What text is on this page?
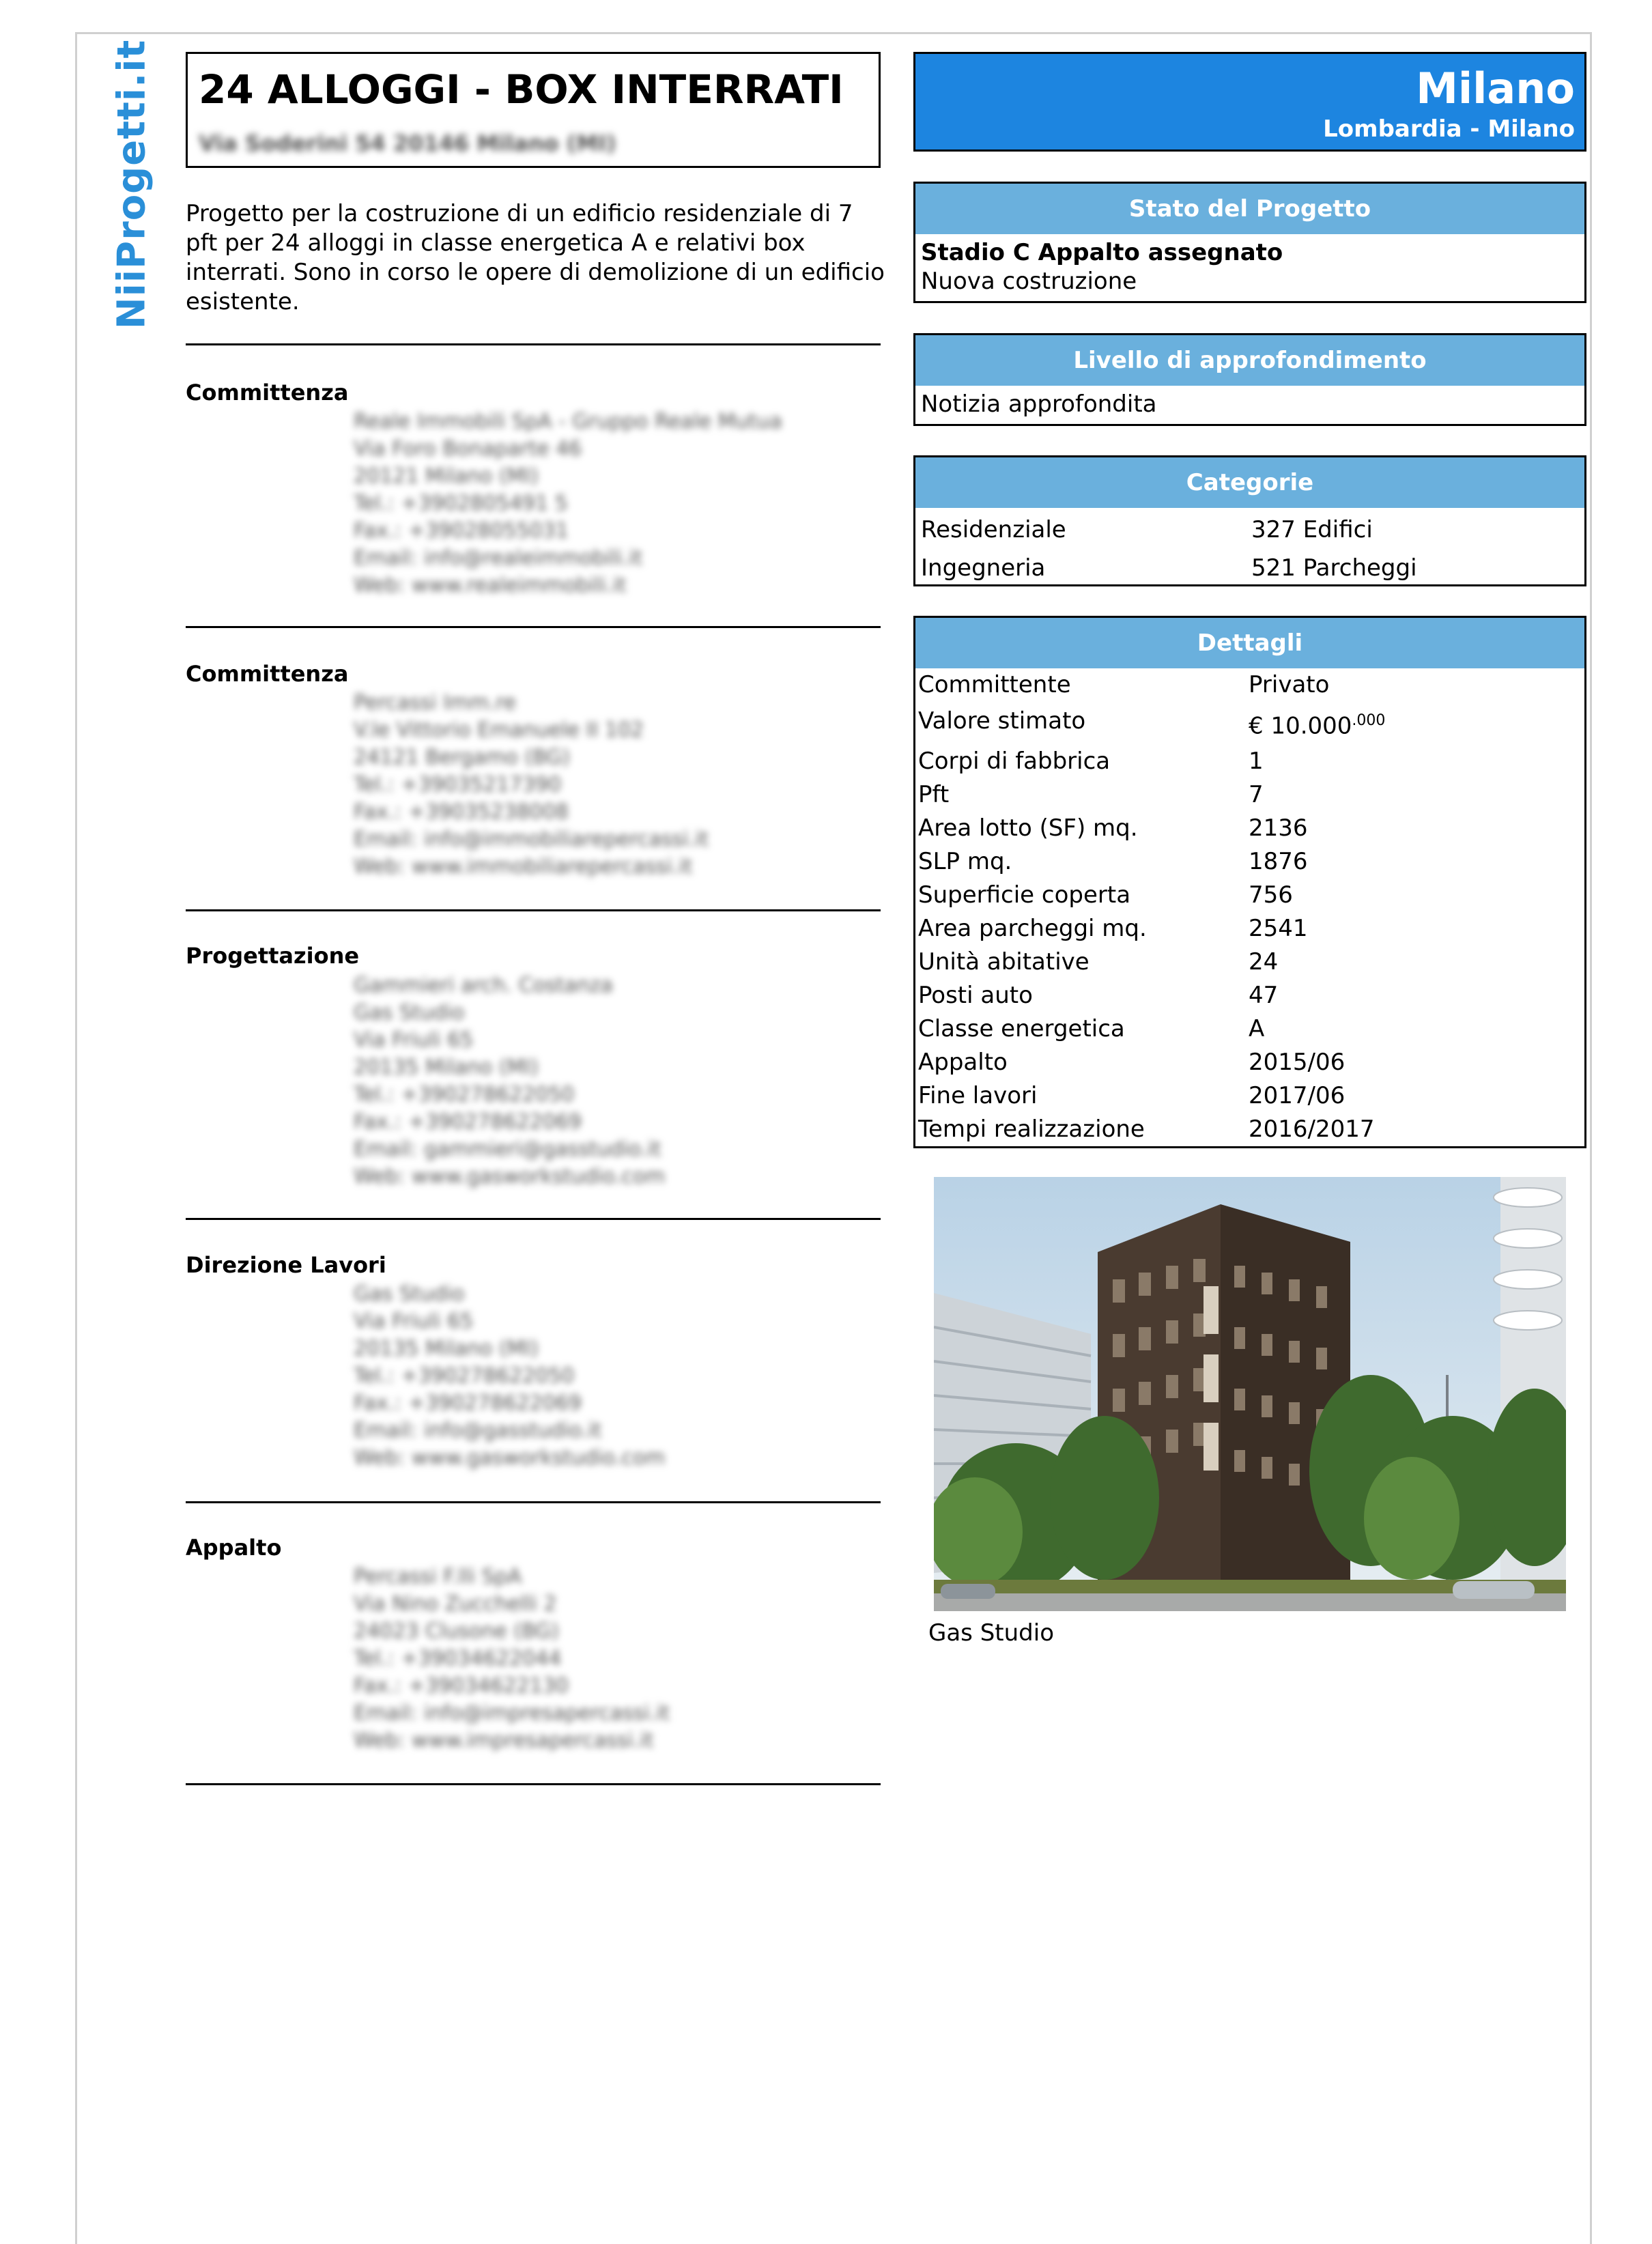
NiiProgetti.it 24 ALLOGGI - BOX INTERRATI
Via Soderini 54 20146 Milano (MI)
Progetto per la costruzione di un edificio residenziale di 7 pft per 24 alloggi in classe energetica A e relativi box interrati. Sono in corso le opere di demolizione di un edificio esistente.
Committenza
Reale Immobili SpA - Gruppo Reale Mutua
Via Foro Bonaparte 46
20121 Milano (MI)
Tel.: +3902805491 5
Fax.: +39028055031
Email: info@realeimmobili.it
Web: www.realeimmobili.it
Committenza
Percassi Imm.re
V.le Vittorio Emanuele II 102
24121 Bergamo (BG)
Tel.: +39035217390
Fax.: +39035238008
Email: info@immobiliarepercassi.it
Web: www.immobiliarepercassi.it
Progettazione
Gammieri arch. Costanza
Gas Studio
Via Friuli 65
20135 Milano (MI)
Tel.: +390278622050
Fax.: +390278622069
Email: gammieri@gasstudio.it
Web: www.gasworkstudio.com
Direzione Lavori
Gas Studio
Via Friuli 65
20135 Milano (MI)
Tel.: +390278622050
Fax.: +390278622069
Email: info@gasstudio.it
Web: www.gasworkstudio.com
Appalto
Percassi F.lli SpA
Via Nino Zucchelli 2
24023 Clusone (BG)
Tel.: +39034622044
Fax.: +39034622130
Email: info@impresapercassi.it
Web: www.impresapercassi.it
Milano
Lombardia - Milano
Stato del Progetto
Stadio C Appalto assegnato
Nuova costruzione
Livello di approfondimento
Notizia approfondita
Categorie
Residenziale	327 Edifici
Ingegneria	521 Parcheggi
Dettagli
Committente	Privato
Valore stimato	€ $10.000^{.000}$
Corpi di fabbrica	1
Pft	7
Area lotto (SF) mq.	2136
SLP mq.	1876
Superficie coperta	756
Area parcheggi mq.	2541
Unità abitative	24
Posti auto	47
Classe energetica	A
Appalto	2015/06
Fine lavori	2017/06
Tempi realizzazione	2016/2017
Gas Studio
